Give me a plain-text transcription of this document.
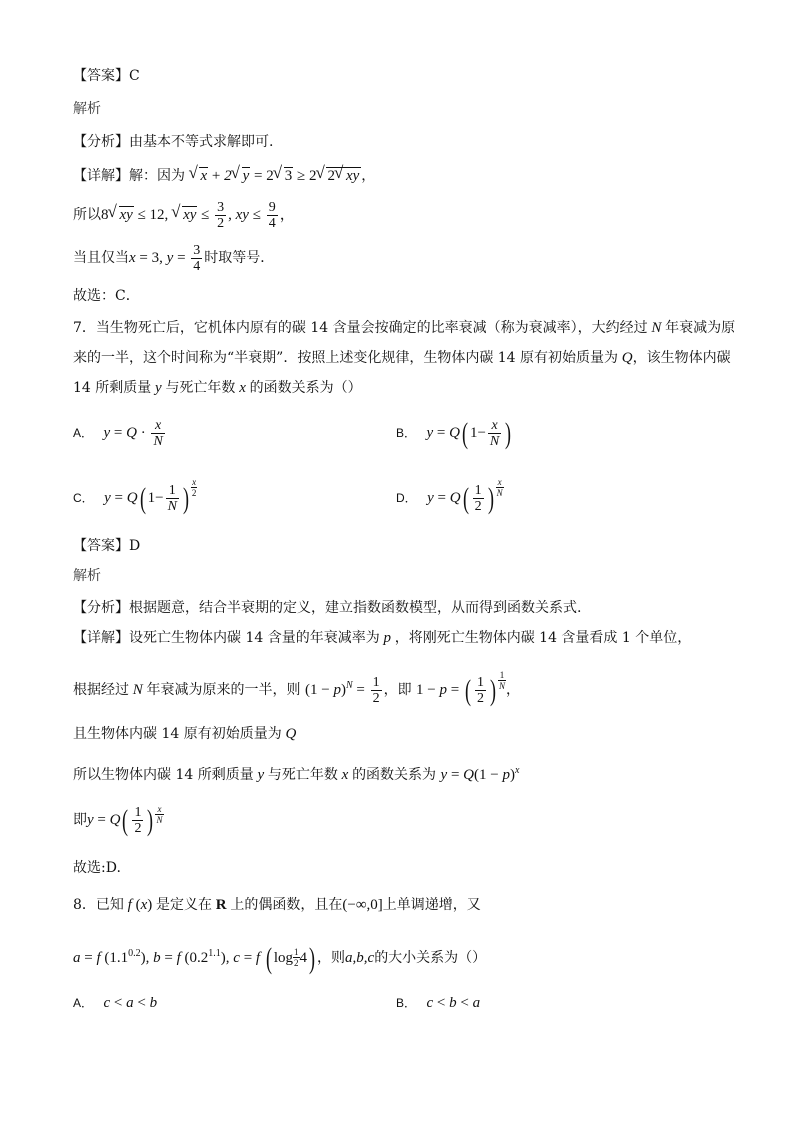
【答案】C
解析
【分析】由基本不等式求解即可.
【详解】解：因为 √ x + 2 √ y = 2 √ 3 ≥ 2 √ 2 √ xy ，
所以8 √ xy ≤ 12, √ xy ≤ $\frac{3}{2}$ , xy ≤ $\frac{9}{4}$ ，
当且仅当x = 3, $y = \frac{3}{4}$ 时取等号．
故选：C．
7．当生物死亡后，它机体内原有的碳 14 含量会按确定的比率衰减（称为衰减率），大约经过 N 年衰减为原
来的一半，这个时间称为“半衰期”．按照上述变化规律，生物体内碳 14 原有初始质量为 Q，该生物体内碳
14 所剩质量 y 与死亡年数 x 的函数关系为（）
A． $y = Q \cdot \frac{x}{N}$	B． y = Q( $1- \frac{x}{N}$ )
C． y = Q( $1- \frac{1}{N}$ ) $\frac{x}{2}$	D． $y = Q( \frac{1}{2}$ ) $\frac{x}{N}$
【答案】D
解析
【分析】根据题意，结合半衰期的定义，建立指数函数模型，从而得到函数关系式.
【详解】设死亡生物体内碳 14 含量的年衰减率为 p ，将刚死亡生物体内碳 14 含量看成 1 个单位，
根据经过 N 年衰减为原来的一半，则 $(1 - p)^N = \frac{1}{2}$ ，即 1 − p = ( $\frac{1}{2}$ ) $\frac{1}{N}$ ，
且生物体内碳 14 原有初始质量为 Q
所以生物体内碳 14 所剩质量 y 与死亡年数 x 的函数关系为 $y = Q(1 - p)^x$
即$y = Q( \frac{1}{2}$ ) $\frac{x}{N}$
故选:D.
8．已知 f (x) 是定义在 R 上的偶函数，且在(−∞,0]上单调递增，又
a = f $(1.1^{0.2})$, b = f $(0.2^{1.1})$, c = f ( $\log \frac{1}{2} 4$) ，则a,b,c的大小关系为（）
A． c < a < b	B． c < b < a
